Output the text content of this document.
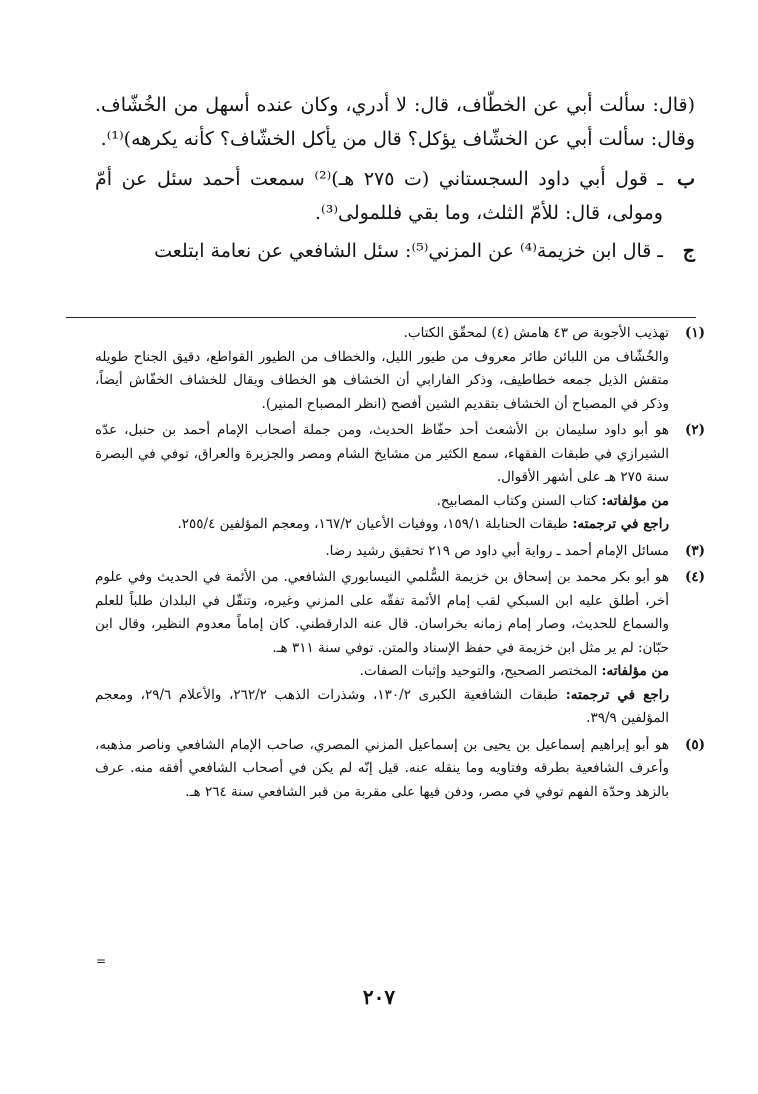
(قال: سألت أبي عن الخطّاف، قال: لا أدري، وكان عنده أسهل من الخُشّاف. وقال: سألت أبي عن الخشّاف يؤكل؟ قال من يأكل الخشّاف؟ كأنه يكرهه)⁽¹⁾.

ب
ـ قول أبي داود السجستاني (ت ٢٧٥ هـ)⁽²⁾ سمعت أحمد سئل عن أمّ ومولى، قال: للأمّ الثلث، وما بقي فللمولى⁽³⁾.
ج
ـ قال ابن خزيمة⁽⁴⁾ عن المزني⁽⁵⁾: سئل الشافعي عن نعامة ابتلعت
(١)

تهذيب الأجوبة ص ٤٣ هامش (٤) لمحقّق الكتاب.

والخُشّاف من اللبائن طائر معروف من طيور الليل، والخطاف من الطيور القواطع، دقيق الجناح طويله متقش الذيل جمعه خطاطيف، وذكر الفارابي أن الخشاف هو الخطاف ويقال للخشاف الخفّاش أيضاً، وذكر في المصباح أن الخشاف بتقديم الشين أفصح (انظر المصباح المنير).

(٢)

هو أبو داود سليمان بن الأشعث أحد حفّاظ الحديث، ومن جملة أصحاب الإمام أحمد بن حنبل، عدّه الشيرازي في طبقات الفقهاء، سمع الكثير من مشايخ الشام ومصر والجزيرة والعراق، توفي في البصرة سنة ٢٧٥ هـ على أشهر الأقوال.

من مؤلفاته: كتاب السنن وكتاب المصابيح.

راجع في ترجمته: طبقات الحنابلة ١٥٩/١، ووفيات الأعيان ١٦٧/٢، ومعجم المؤلفين ٢٥٥/٤.

(٣)

مسائل الإمام أحمد ـ رواية أبي داود ص ٢١٩ تحقيق رشيد رضا.

(٤)

هو أبو بكر محمد بن إسحاق بن خزيمة السُّلمي النيسابوري الشافعي. من الأئمة في الحديث وفي علوم أخر، أطلق عليه ابن السبكي لقب إمام الأئمة تفقّه على المزني وغيره، وتنقّل في البلدان طلباً للعلم والسماع للحديث، وصار إمام زمانه بخراسان. قال عنه الدارقطني. كان إماماً معدوم النظير، وقال ابن حبّان: لم ير مثل ابن خزيمة في حفظ الإسناد والمتن. توفي سنة ٣١١ هـ.

من مؤلفاته: المختصر الصحيح، والتوحيد وإثبات الصفات.

راجع في ترجمته: طبقات الشافعية الكبرى ١٣٠/٢، وشذرات الذهب ٢٦٢/٢، والأعلام ٢٩/٦، ومعجم المؤلفين ٣٩/٩.

(٥)

هو أبو إبراهيم إسماعيل بن يحيى بن إسماعيل المزني المصري، صاحب الإمام الشافعي وناصر مذهبه، وأعرف الشافعية بطرقه وفتاويه وما ينقله عنه. قيل إنّه لم يكن في أصحاب الشافعي أفقه منه. عرف بالزهد وحدّة الفهم توفي في مصر، ودفن فيها على مقربة من قبر الشافعي سنة ٢٦٤ هـ.

=
٢٠٧
